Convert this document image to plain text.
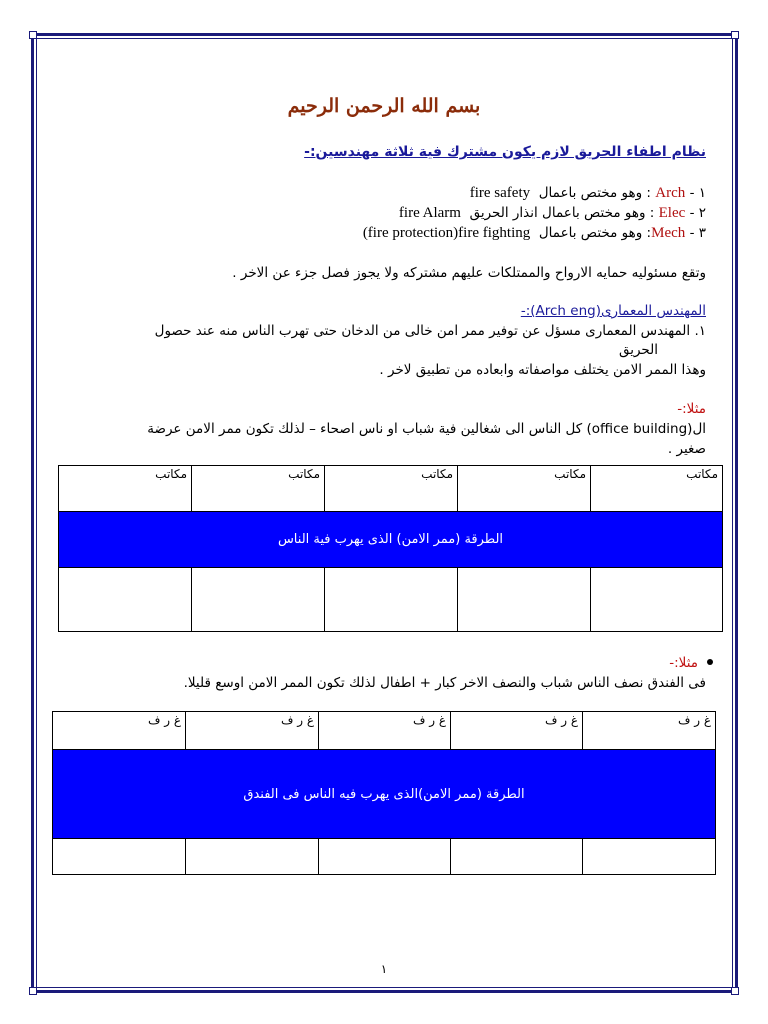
بسم الله الرحمن الرحيم
نظام اطفاء الحريق لازم يكون مشترك فية ثلاثة مهندسين:-
١ - Arch : وهو مختص باعمال  fire safety
٢ - Elec : وهو مختص باعمال انذار الحريق  fire Alarm
٣ - Mech: وهو مختص باعمال  (fire protection)fire fighting
وتقع مسئوليه حمايه الارواح والممتلكات عليهم مشتركه ولا يجوز فصل جزء عن الاخر .
المهندس المعمارى(Arch eng):-
١. المهندس المعمارى مسؤل عن توفير ممر امن خالى من الدخان حتى تهرب الناس منه عند حصول
الحريق
وهذا الممر الامن يختلف مواصفاته وابعاده من تطبيق لاخر .
مثلا:-
ال(office building) كل الناس الى شغالين فية شباب او ناس اصحاء – لذلك تكون ممر الامن عرضة
صغير .
مكاتب	مكاتب	مكاتب	مكاتب	مكاتب
الطرقة (ممر الامن) الذى يهرب فية الناس				

مثلا:-
فى الفندق نصف الناس شباب والنصف الاخر كبار + اطفال لذلك تكون الممر الامن اوسع قليلا.
غ ر ف	غ ر ف	غ ر ف	غ ر ف	غ ر ف
الطرقة (ممر الامن)الذى يهرب فيه الناس فى الفندق				

١
